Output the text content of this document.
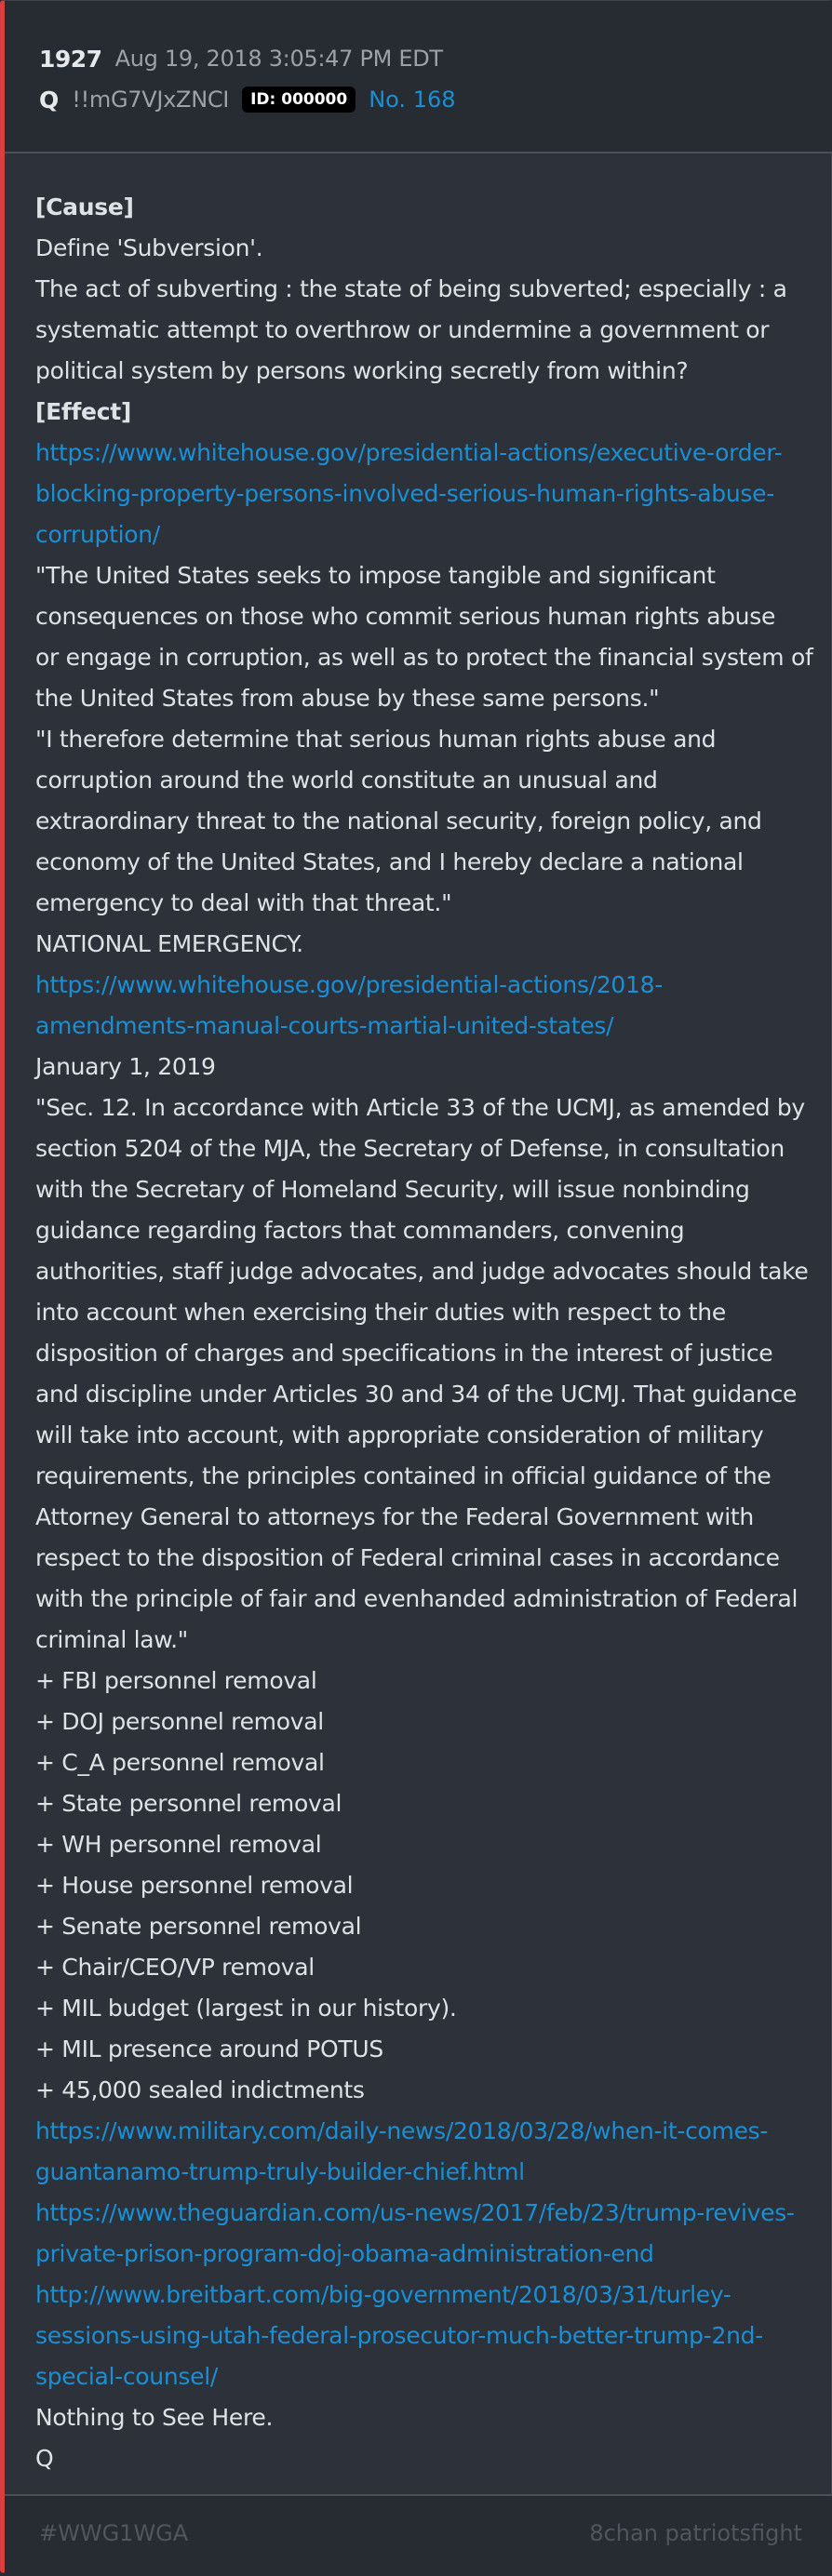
1927 Aug 19, 2018 3:05:47 PM EDT
Q !!mG7VJxZNCI	ID: 000000 No. 168
[Cause]
Define 'Subversion'.
The act of subverting : the state of being subverted; especially : a
systematic attempt to overthrow or undermine a government or
political system by persons working secretly from within?
[Effect]
https://www.whitehouse.gov/presidential-actions/executive-order-
blocking-property-persons-involved-serious-human-rights-abuse-
corruption/
"The United States seeks to impose tangible and significant
consequences on those who commit serious human rights abuse
or engage in corruption, as well as to protect the financial system of
the United States from abuse by these same persons."
"I therefore determine that serious human rights abuse and
corruption around the world constitute an unusual and
extraordinary threat to the national security, foreign policy, and
economy of the United States, and I hereby declare a national
emergency to deal with that threat."
NATIONAL EMERGENCY.
https://www.whitehouse.gov/presidential-actions/2018-
amendments-manual-courts-martial-united-states/
January 1, 2019
"Sec. 12. In accordance with Article 33 of the UCMJ, as amended by
section 5204 of the MJA, the Secretary of Defense, in consultation
with the Secretary of Homeland Security, will issue nonbinding
guidance regarding factors that commanders, convening
authorities, staff judge advocates, and judge advocates should take
into account when exercising their duties with respect to the
disposition of charges and specifications in the interest of justice
and discipline under Articles 30 and 34 of the UCMJ. That guidance
will take into account, with appropriate consideration of military
requirements, the principles contained in official guidance of the
Attorney General to attorneys for the Federal Government with
respect to the disposition of Federal criminal cases in accordance
with the principle of fair and evenhanded administration of Federal
criminal law."
+ FBI personnel removal
+ DOJ personnel removal
+ C_A personnel removal
+ State personnel removal
+ WH personnel removal
+ House personnel removal
+ Senate personnel removal
+ Chair/CEO/VP removal
+ MIL budget (largest in our history).
+ MIL presence around POTUS
+ 45,000 sealed indictments
https://www.military.com/daily-news/2018/03/28/when-it-comes-
guantanamo-trump-truly-builder-chief.html
https://www.theguardian.com/us-news/2017/feb/23/trump-revives-
private-prison-program-doj-obama-administration-end
http://www.breitbart.com/big-government/2018/03/31/turley-
sessions-using-utah-federal-prosecutor-much-better-trump-2nd-
special-counsel/
Nothing to See Here.
Q
#WWG1WGA	8chan patriotsfight
